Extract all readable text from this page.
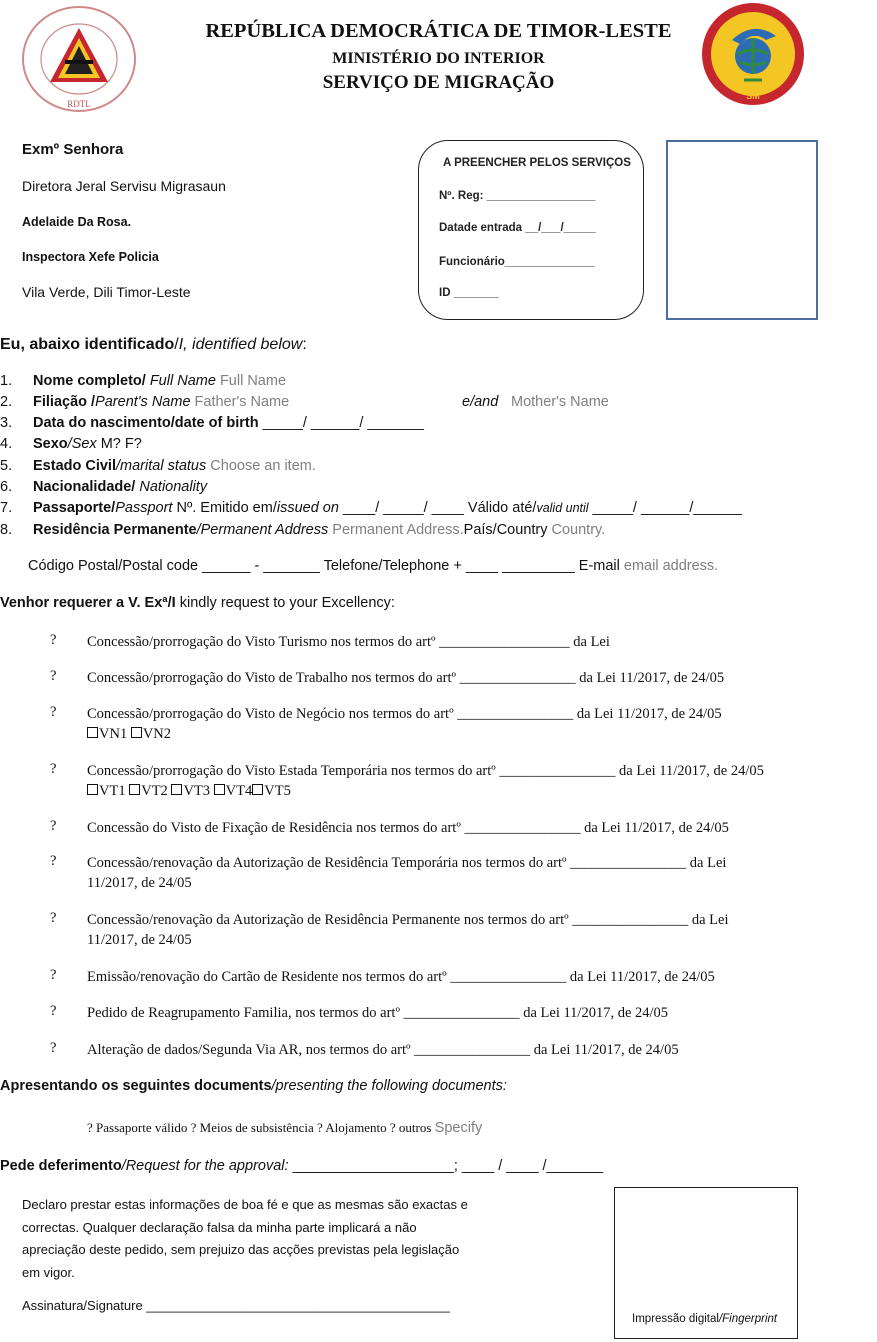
RDTL
REPÚBLICA DEMOCRÁTICA DE TIMOR-LESTE
MINISTÉRIO DO INTERIOR
SERVIÇO DE MIGRAÇÃO
SM
Exmº Senhora
Diretora Jeral Servisu Migrasaun
Adelaide Da Rosa.
Inspectora Xefe Policia
Vila Verde, Dili Timor-Leste
A PREENCHER PELOS SERVIÇOS
Nº. Reg: _________________
Datade entrada __/___/_____
Funcionário______________
ID _______
Eu, abaixo identificado/I, identified below:
1. Nome completo/ Full Name Full Name
2. Filiação /Parent's Name Father's Name	e/and Mother's Name
3. Data do nascimento/date of birth _____/ ______/ _______
4. Sexo/Sex M? F?
5. Estado Civil/marital status Choose an item.
6. Nacionalidade/ Nationality
7. Passaporte/Passport Nº. Emitido em/issued on ____/ _____/ ____ Válido até/valid until _____/ ______/______
8. Residência Permanente/Permanent Address Permanent Address.País/Country Country.
Código Postal/Postal code ______ - _______ Telefone/Telephone + ____ _________ E-mail email address.
Venhor requerer a V. Exª/I kindly request to your Excellency:
? Concessão/prorrogação do Visto Turismo nos termos do artº __________________ da Lei
? Concessão/prorrogação do Visto de Trabalho nos termos do artº ________________ da Lei 11/2017, de 24/05
? Concessão/prorrogação do Visto de Negócio nos termos do artº ________________ da Lei 11/2017, de 24/05
VN1 VN2
? Concessão/prorrogação do Visto Estada Temporária nos termos do artº ________________ da Lei 11/2017, de 24/05
VT1 VT2 VT3 VT4 VT5
? Concessão do Visto de Fixação de Residência nos termos do artº ________________ da Lei 11/2017, de 24/05
? Concessão/renovação da Autorização de Residência Temporária nos termos do artº ________________ da Lei
11/2017, de 24/05
? Concessão/renovação da Autorização de Residência Permanente nos termos do artº ________________ da Lei
11/2017, de 24/05
? Emissão/renovação do Cartão de Residente nos termos do artº ________________ da Lei 11/2017, de 24/05
? Pedido de Reagrupamento Familia, nos termos do artº ________________ da Lei 11/2017, de 24/05
? Alteração de dados/Segunda Via AR, nos termos do artº ________________ da Lei 11/2017, de 24/05
Apresentando os seguintes documents/presenting the following documents:
? Passaporte válido ? Meios de subsistência ? Alojamento ? outros Specify
Pede deferimento/Request for the approval: ____________________; ____ / ____ /_______
Declaro prestar estas informações de boa fé e que as mesmas são exactas e
correctas. Qualquer declaração falsa da minha parte implicará a não
apreciação deste pedido, sem prejuizo das acções previstas pela legislação
em vigor.
Assinatura/Signature __________________________________________
Impressão digital/Fingerprint
